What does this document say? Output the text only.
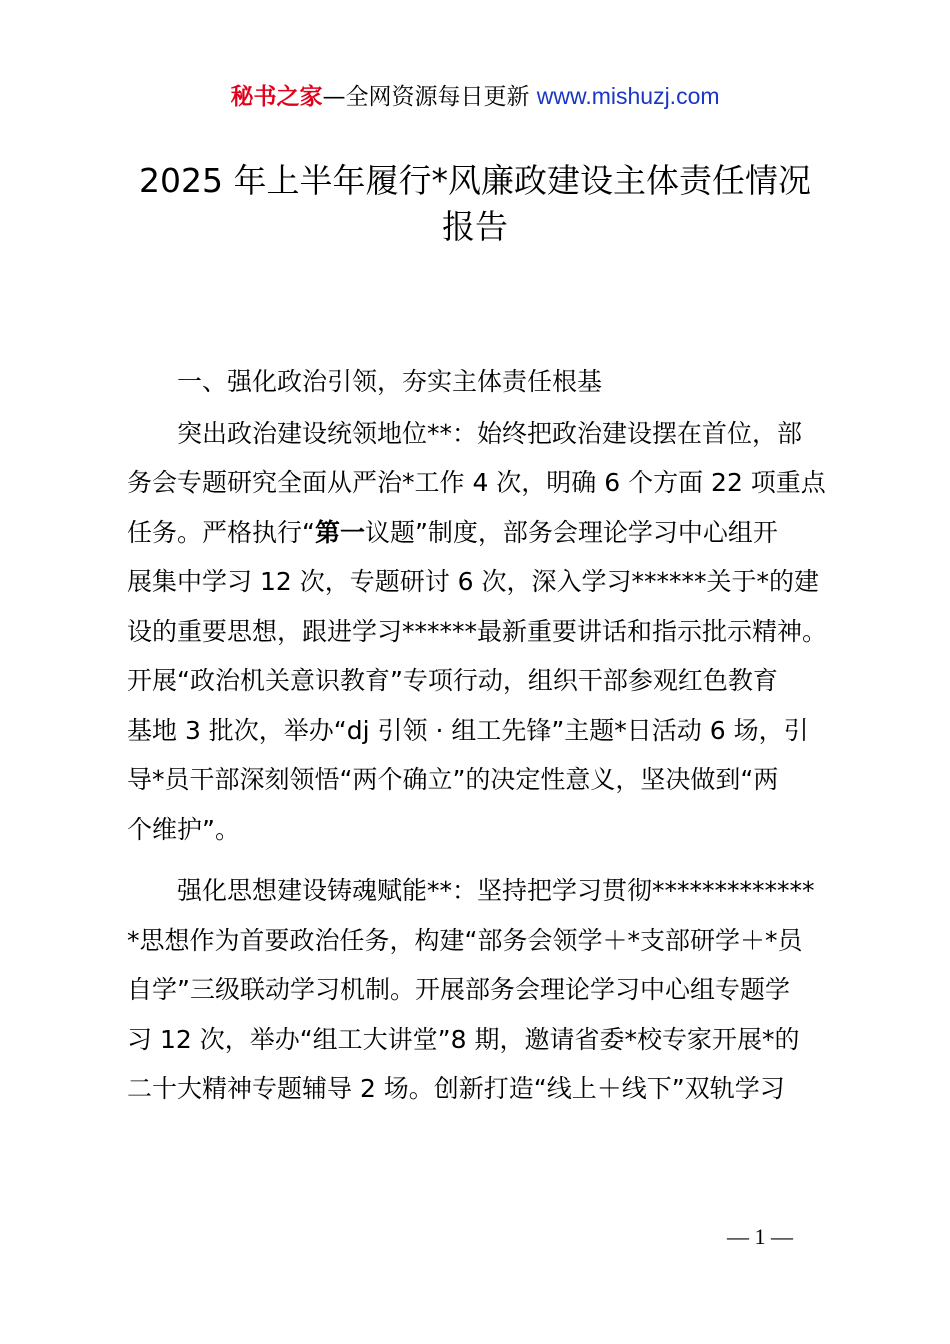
秘书之家—全网资源每日更新 www.mishuzj.com
2025 年上半年履行*风廉政建设主体责任情况
报告
一、强化政治引领，夯实主体责任根基
突出政治建设统领地位**：始终把政治建设摆在首位，部
务会专题研究全面从严治*工作 4 次，明确 6 个方面 22 项重点
任务。严格执行“第一议题”制度，部务会理论学习中心组开
展集中学习 12 次，专题研讨 6 次，深入学习******关于*的建
设的重要思想，跟进学习******最新重要讲话和指示批示精神。
开展“政治机关意识教育”专项行动，组织干部参观红色教育
基地 3 批次，举办“dj 引领 · 组工先锋”主题*日活动 6 场，引
导*员干部深刻领悟“两个确立”的决定性意义，坚决做到“两
个维护”。
强化思想建设铸魂赋能**：坚持把学习贯彻*************
*思想作为首要政治任务，构建“部务会领学＋*支部研学＋*员
自学”三级联动学习机制。开展部务会理论学习中心组专题学
习 12 次，举办“组工大讲堂”8 期，邀请省委*校专家开展*的
二十大精神专题辅导 2 场。创新打造“线上＋线下”双轨学习
— 1 —
